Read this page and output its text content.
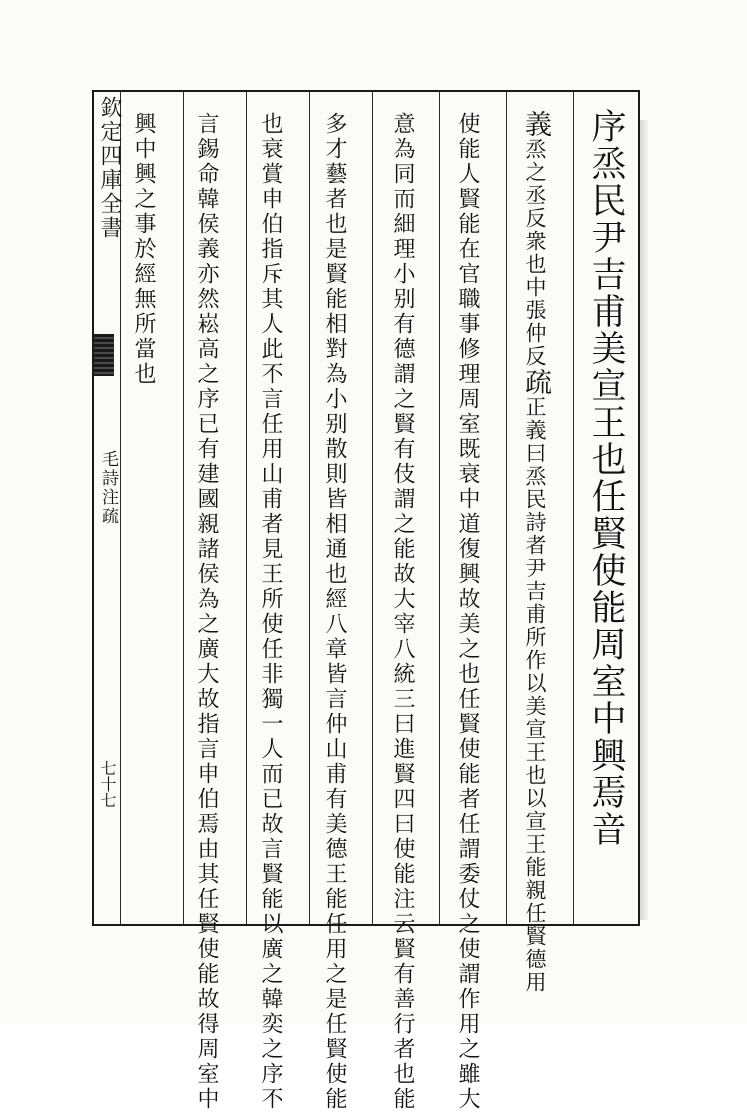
欽定四庫全書
毛詩注疏
七十七	序烝民尹吉甫美宣王也任賢使能周室中興焉音
義烝之丞反衆也中張仲反疏正義曰烝民詩者尹吉甫所作以美宣王也以宣王能親任賢德用
使能人賢能在官職事修理周室既衰中道復興故美之也任賢使能者任謂委仗之使謂作用之雖大
意為同而細理小别有德謂之賢有伎謂之能故大宰八統三曰進賢四曰使能注云賢有善行者也能
多才藝者也是賢能相對為小别散則皆相通也經八章皆言仲山甫有美德王能任用之是任賢使能
也衰賞申伯指斥其人此不言任用山甫者見王所使任非獨一人而已故言賢能以廣之韓奕之序不
言錫命韓侯義亦然崧高之序已有建國親諸侯為之廣大故指言申伯焉由其任賢使能故得周室中
興中興之事於經無所當也
